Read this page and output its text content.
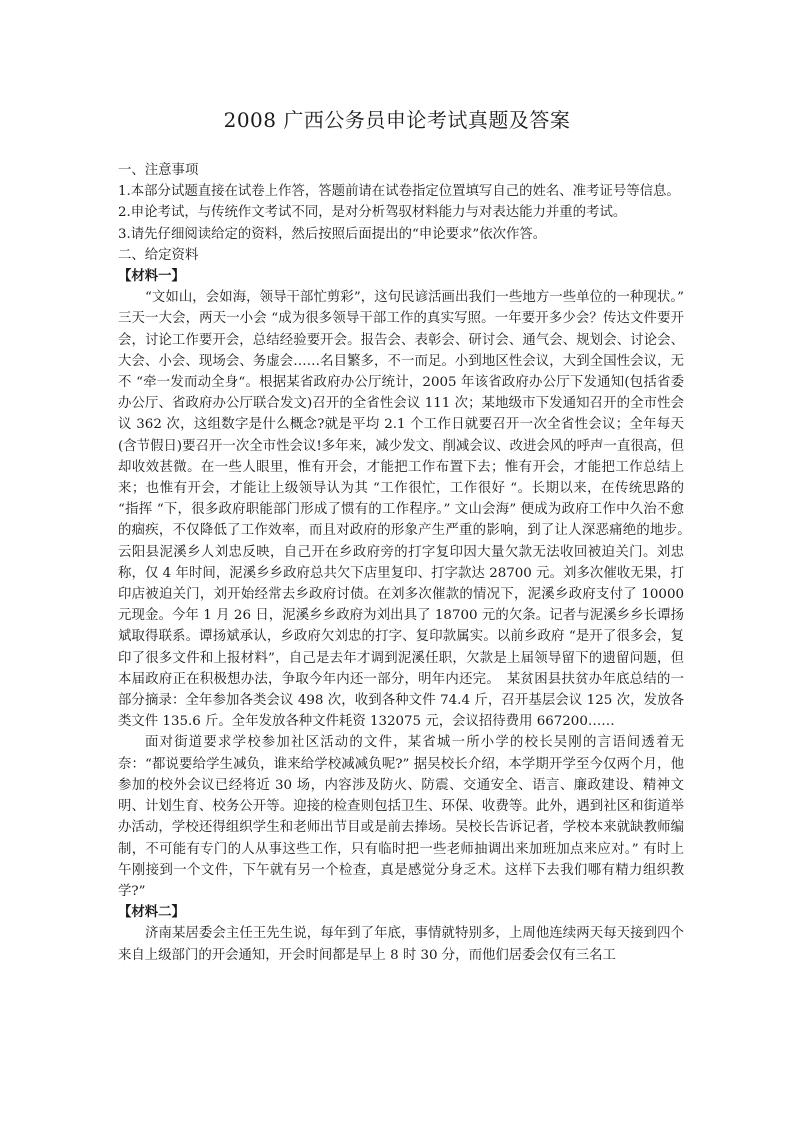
2008 广西公务员申论考试真题及答案

一、注意事项

1.本部分试题直接在试卷上作答，答题前请在试卷指定位置填写自己的姓名、准考证号等信息。

2.申论考试，与传统作文考试不同，是对分析驾驭材料能力与对表达能力并重的考试。

3.请先仔细阅读给定的资料，然后按照后面提出的“申论要求”依次作答。

二、给定资料

【材料一】

“文如山，会如海，领导干部忙剪彩”，这句民谚活画出我们一些地方一些单位的一种现状。” 三天一大会，两天一小会 “成为很多领导干部工作的真实写照。一年要开多少会？传达文件要开会，讨论工作要开会，总结经验要开会。报告会、表彰会、研讨会、通气会、规划会、讨论会、大会、小会、现场会、务虚会……名目繁多，不一而足。小到地区性会议，大到全国性会议，无不 “牵一发而动全身“。根据某省政府办公厅统计，2005 年该省政府办公厅下发通知(包括省委办公厅、省政府办公厅联合发文)召开的全省性会议 111 次；某地级市下发通知召开的全市性会议 362 次，这组数字是什么概念?就是平均 2.1 个工作日就要召开一次全省性会议；全年每天(含节假日)要召开一次全市性会议!多年来，减少发文、削减会议、改进会风的呼声一直很高，但却收效甚微。在一些人眼里，惟有开会，才能把工作布置下去；惟有开会，才能把工作总结上来；也惟有开会，才能让上级领导认为其 “工作很忙，工作很好 “。长期以来，在传统思路的 “指挥 “下，很多政府职能部门形成了惯有的工作程序。” 文山会海” 便成为政府工作中久治不愈的痼疾，不仅降低了工作效率，而且对政府的形象产生严重的影响，到了让人深恶痛绝的地步。　云阳县泥溪乡人刘忠反映，自己开在乡政府旁的打字复印因大量欠款无法收回被迫关门。刘忠称，仅 4 年时间，泥溪乡乡政府总共欠下店里复印、打字款达 28700 元。刘多次催收无果，打印店被迫关门，刘开始经常去乡政府讨债。在刘多次催款的情况下，泥溪乡政府支付了 10000 元现金。今年 1 月 26 日，泥溪乡乡政府为刘出具了 18700 元的欠条。记者与泥溪乡乡长谭扬斌取得联系。谭扬斌承认，乡政府欠刘忠的打字、复印款属实。以前乡政府 “是开了很多会，复印了很多文件和上报材料”，自己是去年才调到泥溪任职，欠款是上届领导留下的遗留问题，但本届政府正在积极想办法，争取今年内还一部分，明年内还完。　某贫困县扶贫办年底总结的一部分摘录：全年参加各类会议 498 次，收到各种文件 74.4 斤，召开基层会议 125 次，发放各类文件 135.6 斤。全年发放各种文件耗资 132075 元，会议招待费用 667200……

面对街道要求学校参加社区活动的文件，某省城一所小学的校长吴刚的言语间透着无奈：“都说要给学生减负，谁来给学校减减负呢?” 据吴校长介绍，本学期开学至今仅两个月，他参加的校外会议已经将近 30 场，内容涉及防火、防震、交通安全、语言、廉政建设、精神文明、计划生育、校务公开等。迎接的检查则包括卫生、环保、收费等。此外，遇到社区和街道举办活动，学校还得组织学生和老师出节目或是前去捧场。吴校长告诉记者，学校本来就缺教师编制，不可能有专门的人从事这些工作，只有临时把一些老师抽调出来加班加点来应对。” 有时上午刚接到一个文件，下午就有另一个检查，真是感觉分身乏术。这样下去我们哪有精力组织教学?”

【材料二】

济南某居委会主任王先生说，每年到了年底，事情就特别多，上周他连续两天每天接到四个来自上级部门的开会通知，开会时间都是早上 8 时 30 分，而他们居委会仅有三名工
